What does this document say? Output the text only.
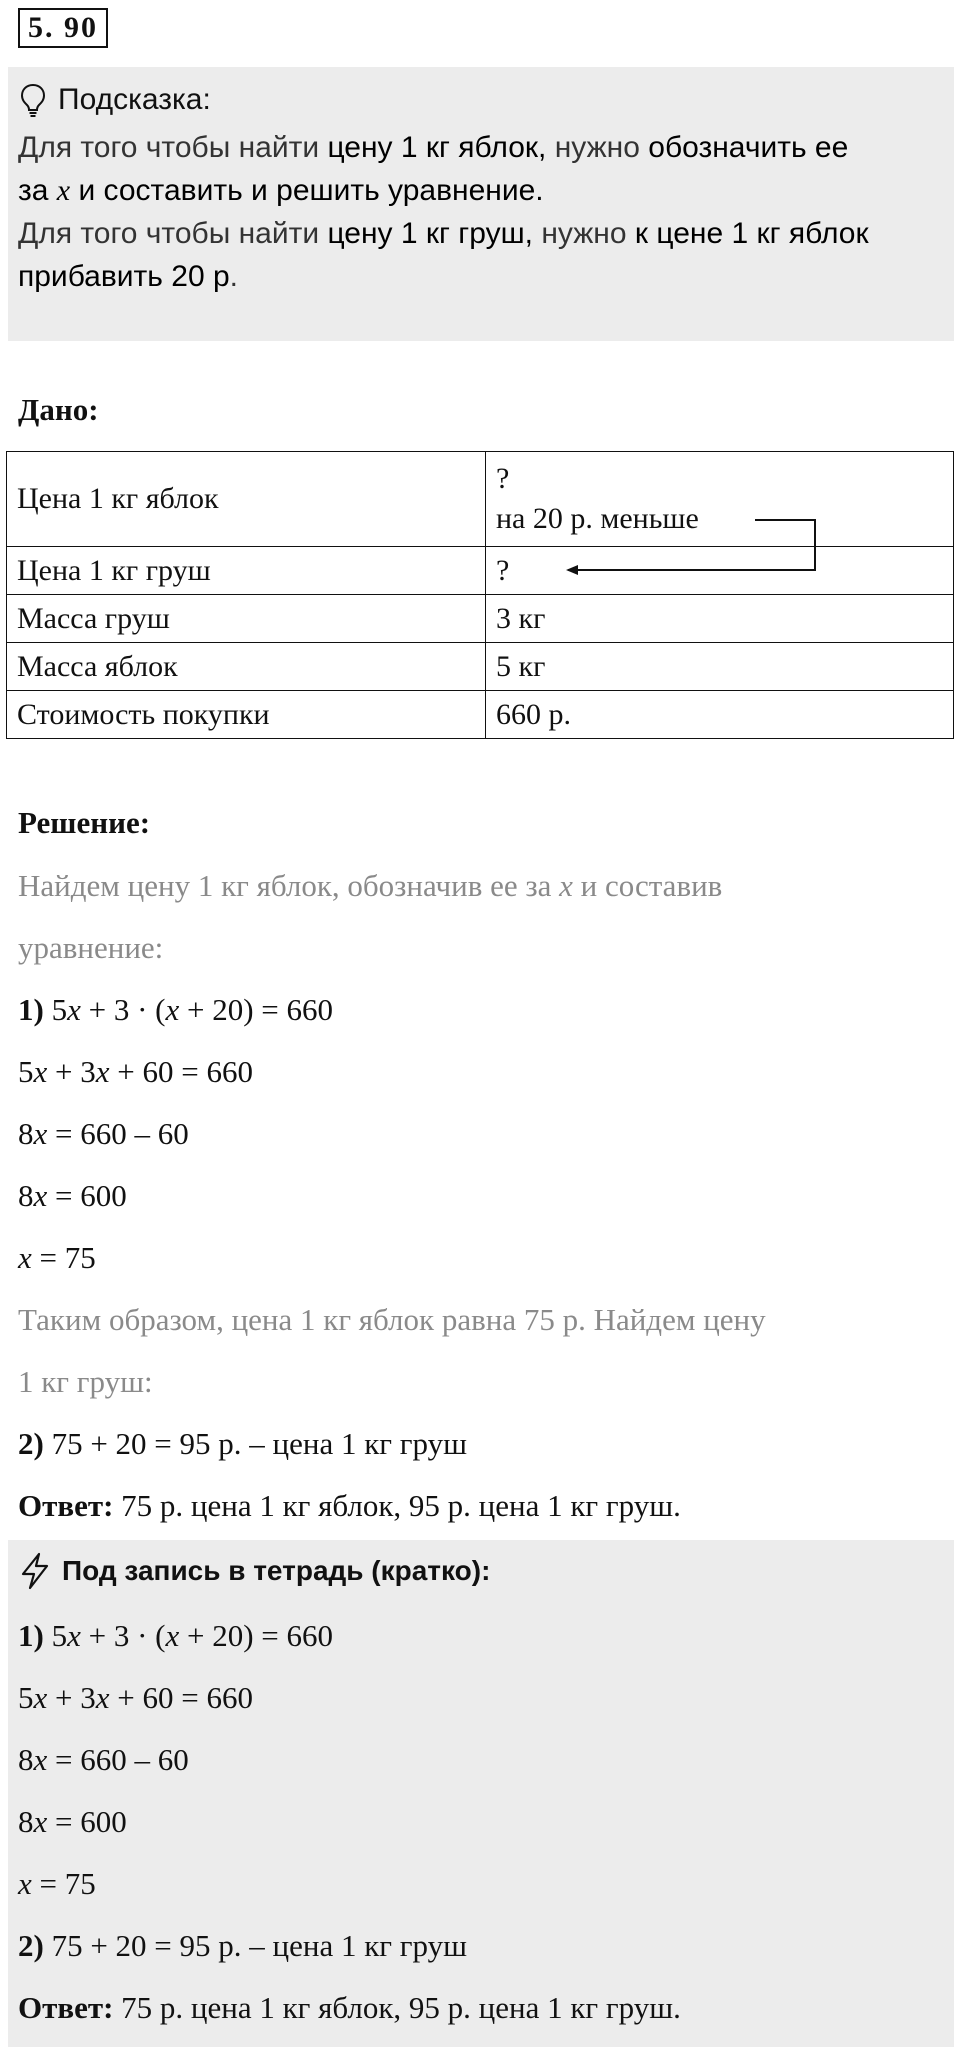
5. 90
Подсказка:
Для того чтобы найти цену 1 кг яблок, нужно обозначить ее
за x и составить и решить уравнение.
Для того чтобы найти цену 1 кг груш, нужно к цене 1 кг яблок
прибавить 20 р.
Дано:
Цена 1 кг яблок	?
на 20 р. меньше

Цена 1 кг груш	?
Масса груш	3 кг
Масса яблок	5 кг
Стоимость покупки	660 р.
Решение:
Найдем цену 1 кг яблок, обозначив ее за x и составив
уравнение:
1) 5x + 3 · (x + 20) = 660
5x + 3x + 60 = 660
8x = 660 – 60
8x = 600
x = 75
Таким образом, цена 1 кг яблок равна 75 р. Найдем цену
1 кг груш:
2) 75 + 20 = 95 р. – цена 1 кг груш
Ответ: 75 р. цена 1 кг яблок, 95 р. цена 1 кг груш.
Под запись в тетрадь (кратко):
1) 5x + 3 · (x + 20) = 660
5x + 3x + 60 = 660
8x = 660 – 60
8x = 600
x = 75
2) 75 + 20 = 95 р. – цена 1 кг груш
Ответ: 75 р. цена 1 кг яблок, 95 р. цена 1 кг груш.
